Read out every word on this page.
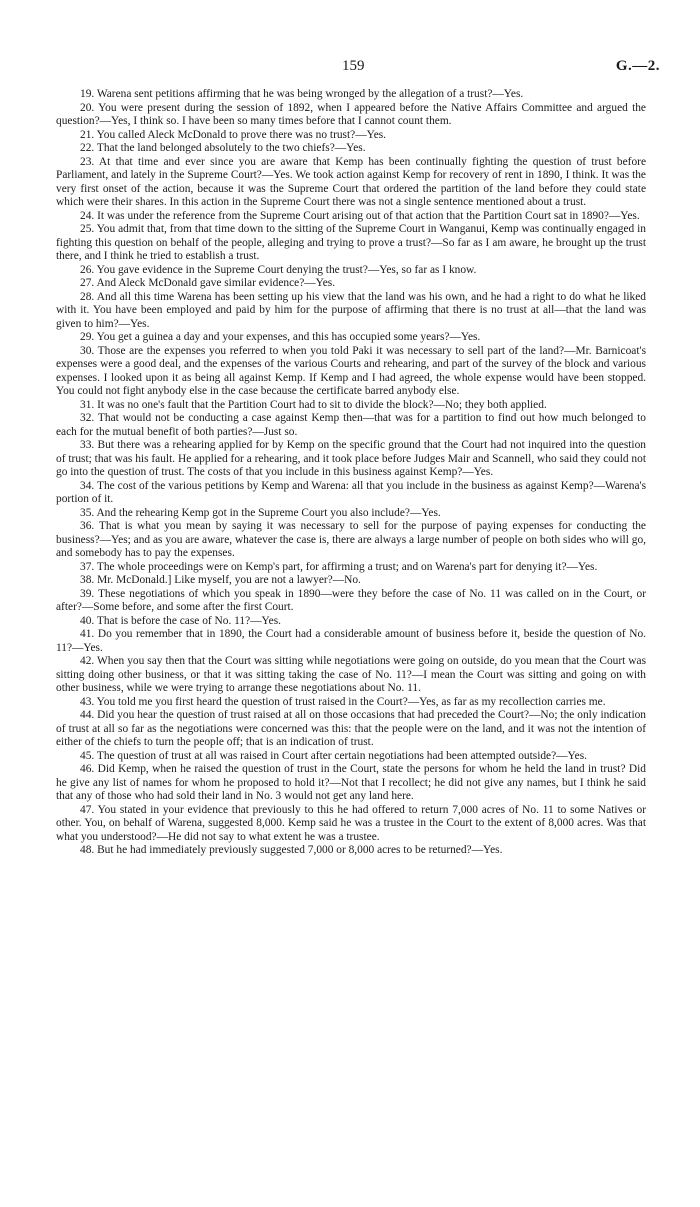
159	G.—2.

19. Warena sent petitions affirming that he was being wronged by the allegation of a trust?—Yes.

20. You were present during the session of 1892, when I appeared before the Native Affairs Committee and argued the question?—Yes, I think so. I have been so many times before that I cannot count them.

21. You called Aleck McDonald to prove there was no trust?—Yes.

22. That the land belonged absolutely to the two chiefs?—Yes.

23. At that time and ever since you are aware that Kemp has been continually fighting the question of trust before Parliament, and lately in the Supreme Court?—Yes. We took action against Kemp for recovery of rent in 1890, I think. It was the very first onset of the action, because it was the Supreme Court that ordered the partition of the land before they could state which were their shares. In this action in the Supreme Court there was not a single sentence mentioned about a trust.

24. It was under the reference from the Supreme Court arising out of that action that the Partition Court sat in 1890?—Yes.

25. You admit that, from that time down to the sitting of the Supreme Court in Wanganui, Kemp was continually engaged in fighting this question on behalf of the people, alleging and trying to prove a trust?—So far as I am aware, he brought up the trust there, and I think he tried to establish a trust.

26. You gave evidence in the Supreme Court denying the trust?—Yes, so far as I know.

27. And Aleck McDonald gave similar evidence?—Yes.

28. And all this time Warena has been setting up his view that the land was his own, and he had a right to do what he liked with it. You have been employed and paid by him for the purpose of affirming that there is no trust at all—that the land was given to him?—Yes.

29. You get a guinea a day and your expenses, and this has occupied some years?—Yes.

30. Those are the expenses you referred to when you told Paki it was necessary to sell part of the land?—Mr. Barnicoat's expenses were a good deal, and the expenses of the various Courts and rehearing, and part of the survey of the block and various expenses. I looked upon it as being all against Kemp. If Kemp and I had agreed, the whole expense would have been stopped. You could not fight anybody else in the case because the certificate barred anybody else.

31. It was no one's fault that the Partition Court had to sit to divide the block?—No; they both applied.

32. That would not be conducting a case against Kemp then—that was for a partition to find out how much belonged to each for the mutual benefit of both parties?—Just so.

33. But there was a rehearing applied for by Kemp on the specific ground that the Court had not inquired into the question of trust; that was his fault. He applied for a rehearing, and it took place before Judges Mair and Scannell, who said they could not go into the question of trust. The costs of that you include in this business against Kemp?—Yes.

34. The cost of the various petitions by Kemp and Warena: all that you include in the business as against Kemp?—Warena's portion of it.

35. And the rehearing Kemp got in the Supreme Court you also include?—Yes.

36. That is what you mean by saying it was necessary to sell for the purpose of paying expenses for conducting the business?—Yes; and as you are aware, whatever the case is, there are always a large number of people on both sides who will go, and somebody has to pay the expenses.

37. The whole proceedings were on Kemp's part, for affirming a trust; and on Warena's part for denying it?—Yes.

38. Mr. McDonald.] Like myself, you are not a lawyer?—No.

39. These negotiations of which you speak in 1890—were they before the case of No. 11 was called on in the Court, or after?—Some before, and some after the first Court.

40. That is before the case of No. 11?—Yes.

41. Do you remember that in 1890, the Court had a considerable amount of business before it, beside the question of No. 11?—Yes.

42. When you say then that the Court was sitting while negotiations were going on outside, do you mean that the Court was sitting doing other business, or that it was sitting taking the case of No. 11?—I mean the Court was sitting and going on with other business, while we were trying to arrange these negotiations about No. 11.

43. You told me you first heard the question of trust raised in the Court?—Yes, as far as my recollection carries me.

44. Did you hear the question of trust raised at all on those occasions that had preceded the Court?—No; the only indication of trust at all so far as the negotiations were concerned was this: that the people were on the land, and it was not the intention of either of the chiefs to turn the people off; that is an indication of trust.

45. The question of trust at all was raised in Court after certain negotiations had been attempted outside?—Yes.

46. Did Kemp, when he raised the question of trust in the Court, state the persons for whom he held the land in trust? Did he give any list of names for whom he proposed to hold it?—Not that I recollect; he did not give any names, but I think he said that any of those who had sold their land in No. 3 would not get any land here.

47. You stated in your evidence that previously to this he had offered to return 7,000 acres of No. 11 to some Natives or other. You, on behalf of Warena, suggested 8,000. Kemp said he was a trustee in the Court to the extent of 8,000 acres. Was that what you understood?—He did not say to what extent he was a trustee.

48. But he had immediately previously suggested 7,000 or 8,000 acres to be returned?—Yes.
